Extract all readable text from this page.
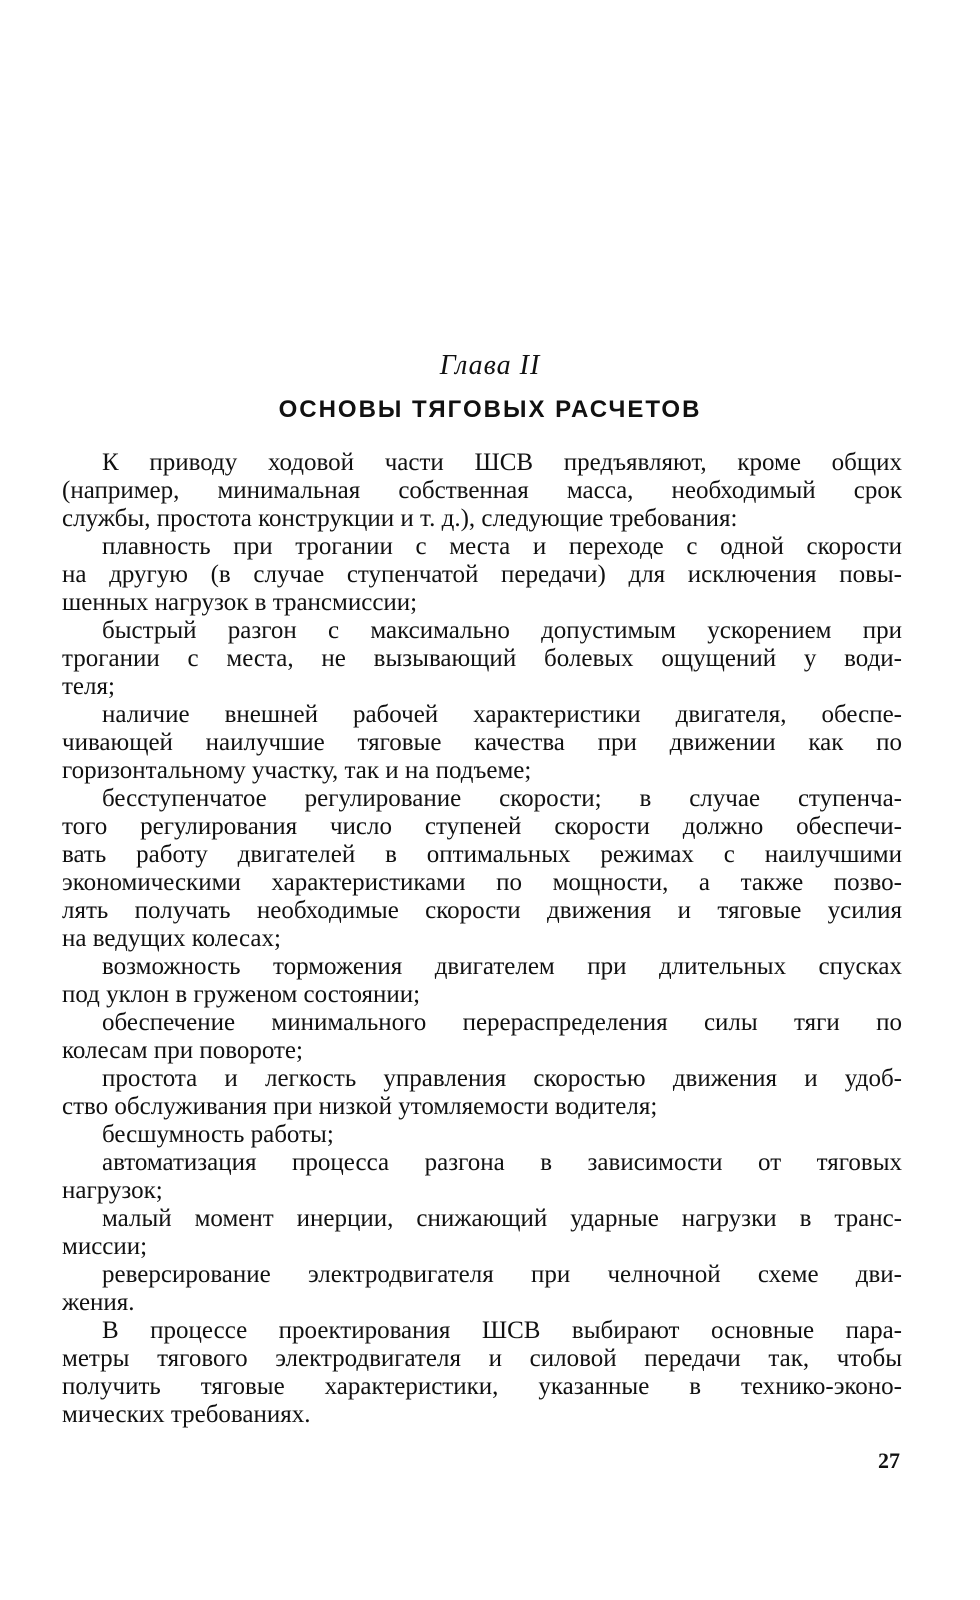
Глава II
ОСНОВЫ ТЯГОВЫХ РАСЧЕТОВ
К приводу ходовой части ШСВ предъявляют, кроме общих
(например, минимальная собственная масса, необходимый срок
службы, простота конструкции и т. д.), следующие требования:
плавность при трогании с места и переходе с одной скорости
на другую (в случае ступенчатой передачи) для исключения повы-
шенных нагрузок в трансмиссии;
быстрый разгон с максимально допустимым ускорением при
трогании с места, не вызывающий болевых ощущений у води-
теля;
наличие внешней рабочей характеристики двигателя, обеспе-
чивающей наилучшие тяговые качества при движении как по
горизонтальному участку, так и на подъеме;
бесступенчатое регулирование скорости; в случае ступенча-
того регулирования число ступеней скорости должно обеспечи-
вать работу двигателей в оптимальных режимах с наилучшими
экономическими характеристиками по мощности, а также позво-
лять получать необходимые скорости движения и тяговые усилия
на ведущих колесах;
возможность торможения двигателем при длительных спусках
под уклон в груженом состоянии;
обеспечение минимального перераспределения силы тяги по
колесам при повороте;
простота и легкость управления скоростью движения и удоб-
ство обслуживания при низкой утомляемости водителя;
бесшумность работы;
автоматизация процесса разгона в зависимости от тяговых
нагрузок;
малый момент инерции, снижающий ударные нагрузки в транс-
миссии;
реверсирование электродвигателя при челночной схеме дви-
жения.
В процессе проектирования ШСВ выбирают основные пара-
метры тягового электродвигателя и силовой передачи так, чтобы
получить тяговые характеристики, указанные в технико-эконо-
мических требованиях.
27
